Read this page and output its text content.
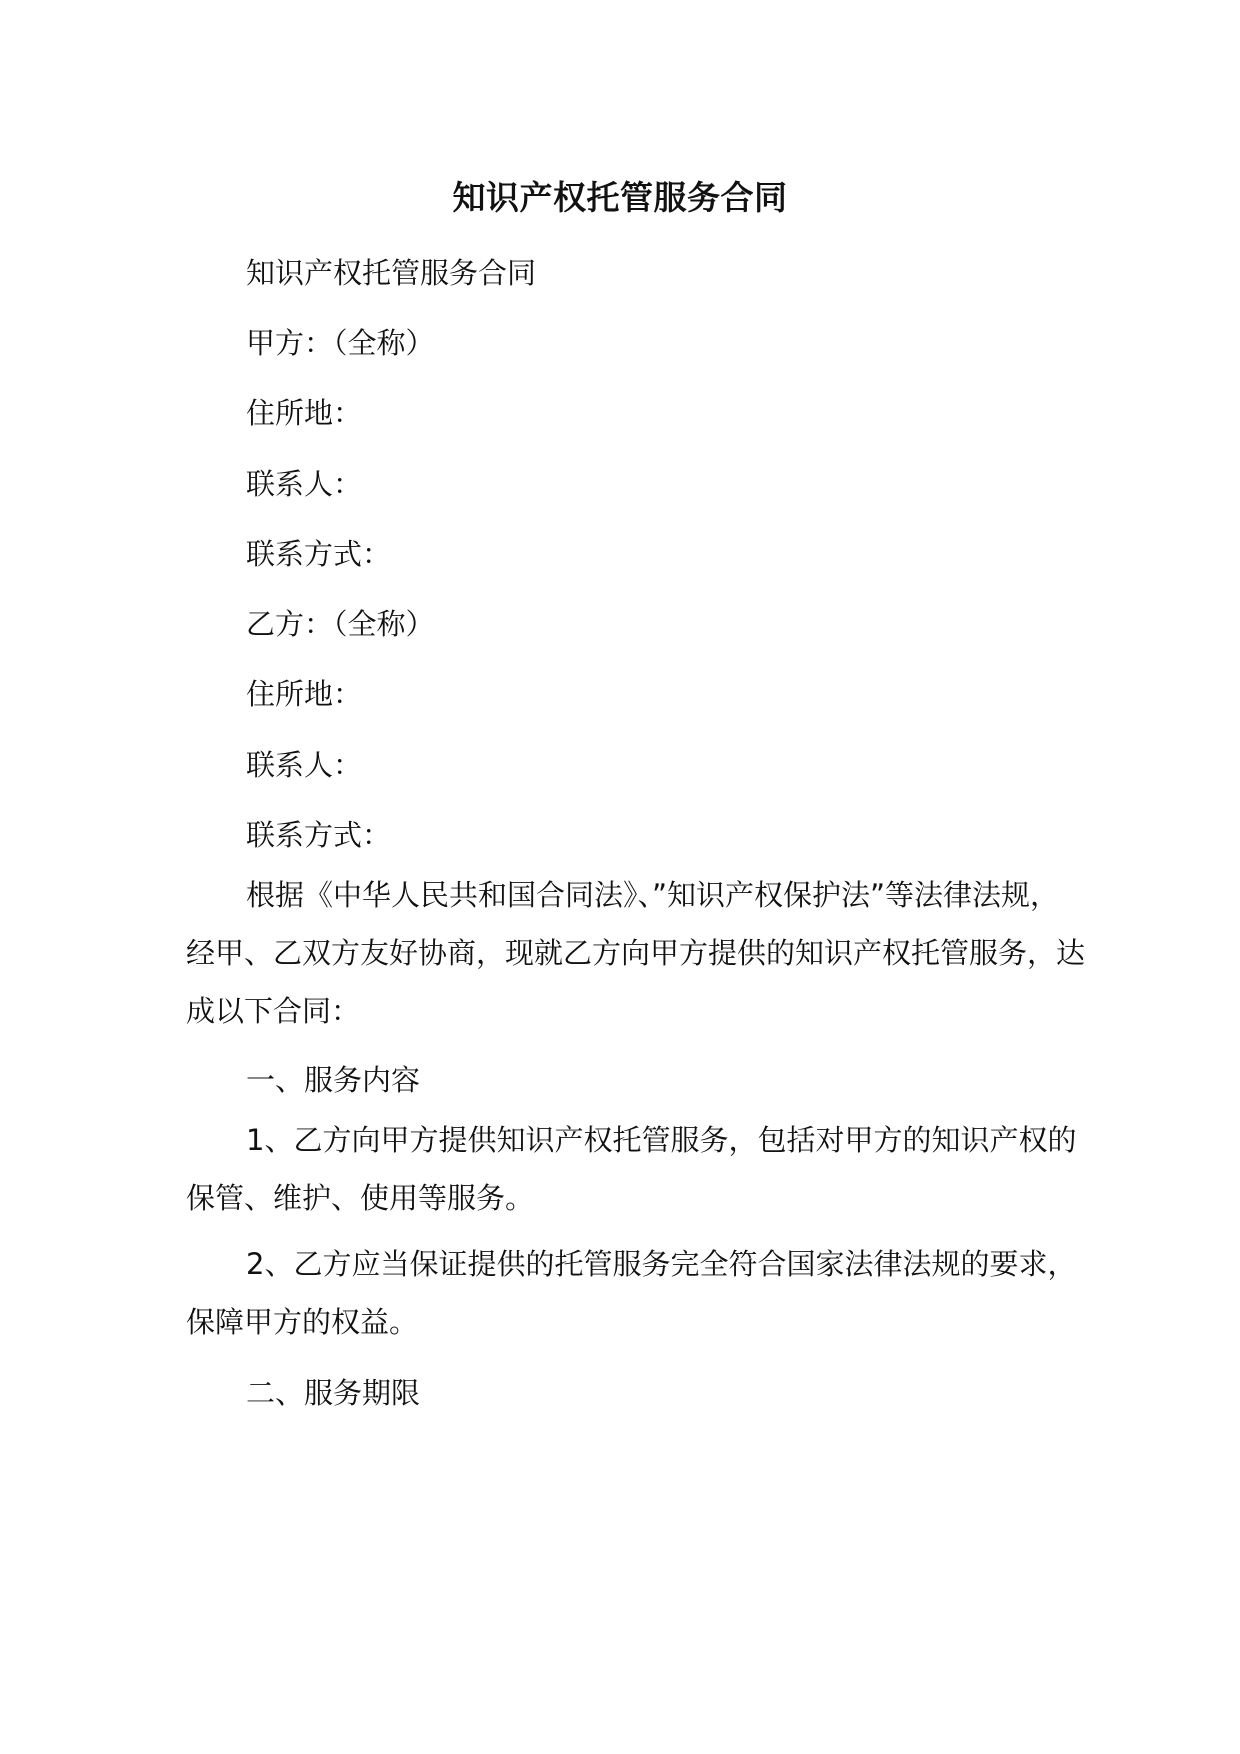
知识产权托管服务合同
知识产权托管服务合同
甲方：（全称）
住所地：
联系人：
联系方式：
乙方：（全称）
住所地：
联系人：
联系方式：

根据《中华人民共和国合同法》、”知识产权保护法”等法律法规，经甲、乙双方友好协商，现就乙方向甲方提供的知识产权托管服务，达成以下合同：

一、服务内容

1、乙方向甲方提供知识产权托管服务，包括对甲方的知识产权的保管、维护、使用等服务。

2、乙方应当保证提供的托管服务完全符合国家法律法规的要求，保障甲方的权益。

二、服务期限
